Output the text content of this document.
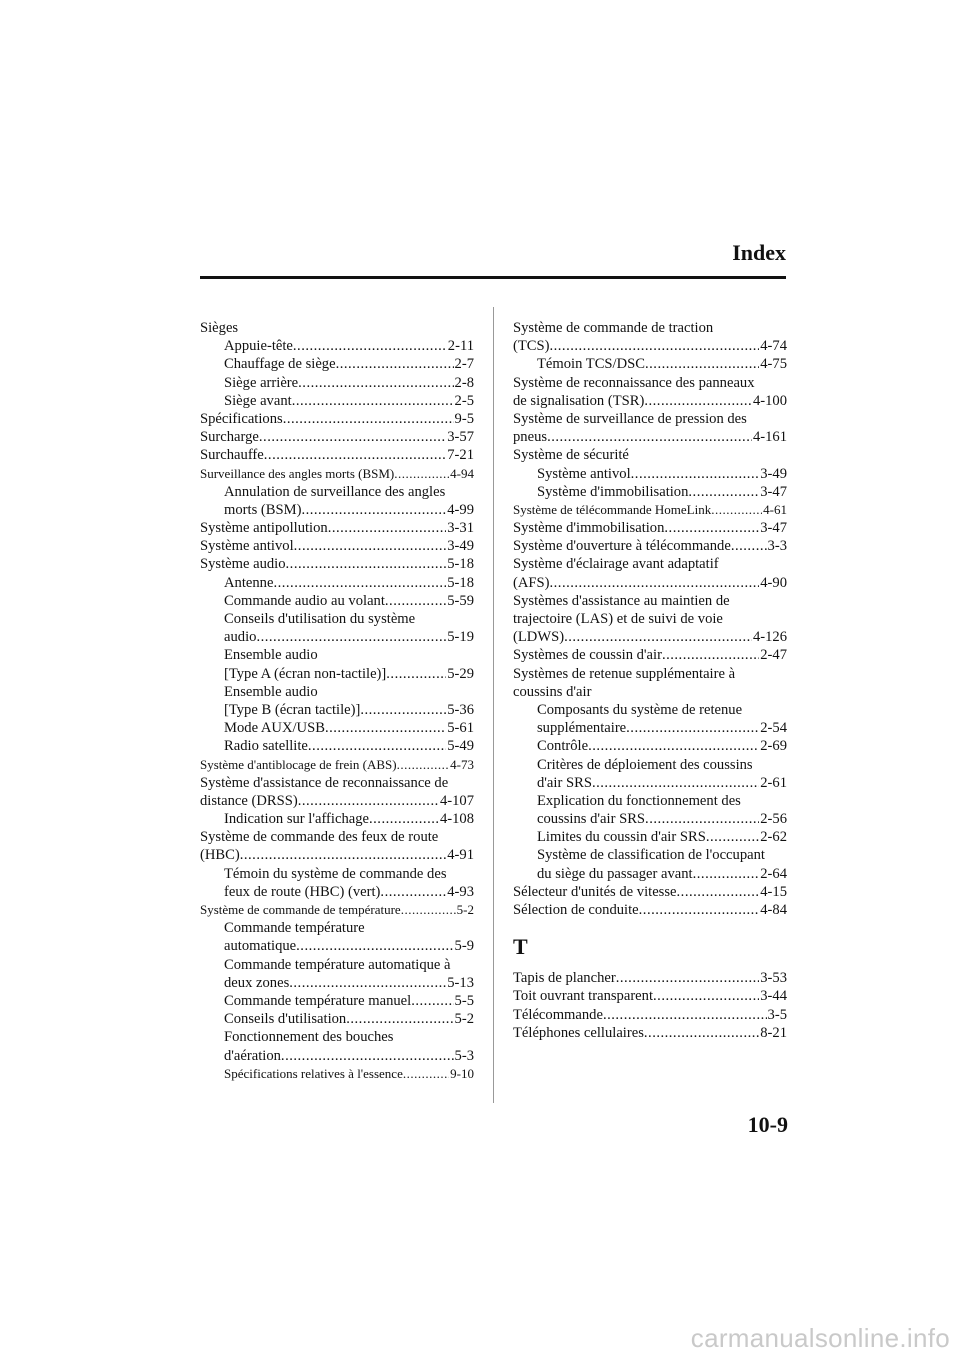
Index
Sièges
Appuie-tête .....	2-11
Chauffage de siège .....	2-7
Siège arrière .....	2-8
Siège avant .....	2-5
Spécifications .....	9-5
Surcharge .....	3-57
Surchauffe .....	7-21
Surveillance des angles morts (BSM) .....	4-94
Annulation de surveillance des angles
morts (BSM) .....	4-99
Système antipollution .....	3-31
Système antivol .....	3-49
Système audio .....	5-18
Antenne .....	5-18
Commande audio au volant .....	5-59
Conseils d'utilisation du système
audio .....	5-19
Ensemble audio
[Type A (écran non-tactile)] .....	5-29
Ensemble audio
[Type B (écran tactile)] .....	5-36
Mode AUX/USB .....	5-61
Radio satellite .....	5-49
Système d'antiblocage de frein (ABS) .....	4-73
Système d'assistance de reconnaissance de
distance (DRSS) .....	4-107
Indication sur l'affichage .....	4-108
Système de commande des feux de route
(HBC) .....	4-91
Témoin du système de commande des
feux de route (HBC) (vert) .....	4-93
Système de commande de température .....	5-2
Commande température
automatique .....	5-9
Commande température automatique à
deux zones .....	5-13
Commande température manuel .....	5-5
Conseils d'utilisation .....	5-2
Fonctionnement des bouches
d'aération .....	5-3
Spécifications relatives à l'essence .....	9-10
Système de commande de traction
(TCS) .....	4-74
Témoin TCS/DSC .....	4-75
Système de reconnaissance des panneaux
de signalisation (TSR) .....	4-100
Système de surveillance de pression des
pneus .....	4-161
Système de sécurité
Système antivol .....	3-49
Système d'immobilisation .....	3-47
Système de télécommande HomeLink .....	4-61
Système d'immobilisation .....	3-47
Système d'ouverture à télécommande .....	3-3
Système d'éclairage avant adaptatif
(AFS) .....	4-90
Systèmes d'assistance au maintien de
trajectoire (LAS) et de suivi de voie
(LDWS) .....	4-126
Systèmes de coussin d'air .....	2-47
Systèmes de retenue supplémentaire à
coussins d'air
Composants du système de retenue
supplémentaire .....	2-54
Contrôle .....	2-69
Critères de déploiement des coussins
d'air SRS .....	2-61
Explication du fonctionnement des
coussins d'air SRS .....	2-56
Limites du coussin d'air SRS .....	2-62
Système de classification de l'occupant
du siège du passager avant .....	2-64
Sélecteur d'unités de vitesse .....	4-15
Sélection de conduite .....	4-84
T
Tapis de plancher .....	3-53
Toit ouvrant transparent .....	3-44
Télécommande .....	3-5
Téléphones cellulaires .....	8-21
10-9
carmanualsonline.info
